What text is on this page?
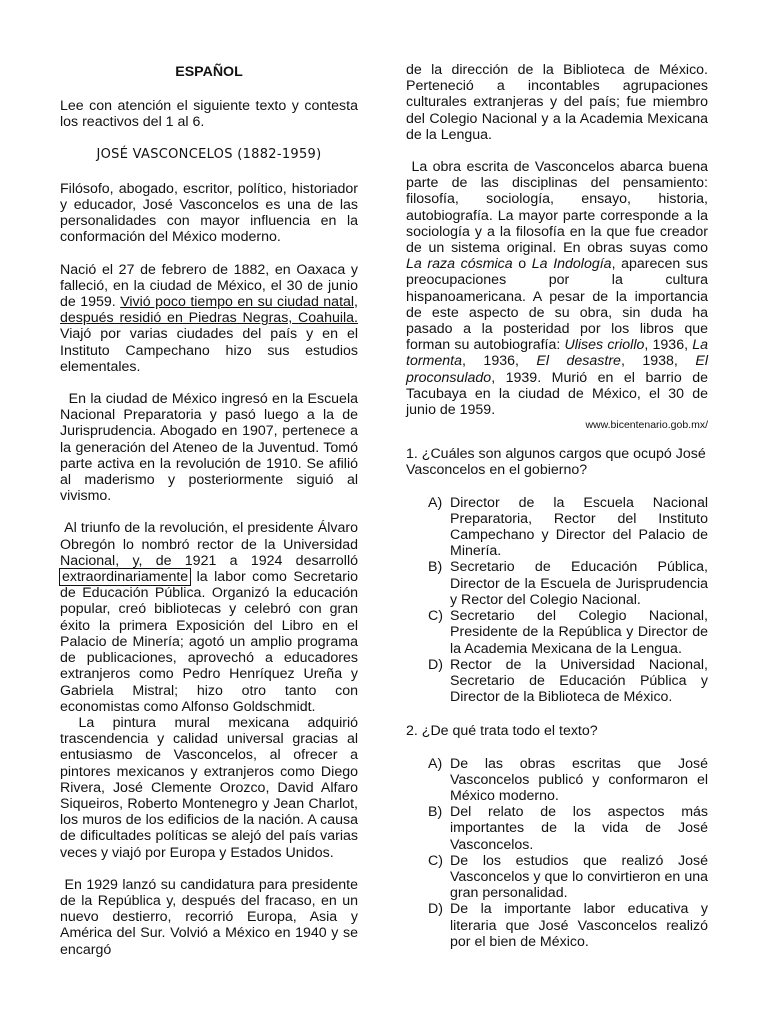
ESPAÑOL

Lee con atención el siguiente texto y contesta los reactivos del 1 al 6.

JOSÉ VASCONCELOS (1882-1959)

Filósofo, abogado, escritor, político, historiador y educador, José Vasconcelos es una de las personalidades con mayor influencia en la conformación del México moderno.

Nació el 27 de febrero de 1882, en Oaxaca y falleció, en la ciudad de México, el 30 de junio de 1959. Vivió poco tiempo en su ciudad natal, después residió en Piedras Negras, Coahuila. Viajó por varias ciudades del país y en el Instituto Campechano hizo sus estudios elementales.

En la ciudad de México ingresó en la Escuela Nacional Preparatoria y pasó luego a la de Jurisprudencia. Abogado en 1907, pertenece a la generación del Ateneo de la Juventud. Tomó parte activa en la revolución de 1910. Se afilió al maderismo y posteriormente siguió al vivismo.

Al triunfo de la revolución, el presidente Álvaro Obregón lo nombró rector de la Universidad Nacional, y, de 1921 a 1924 desarrolló extraordinariamente la labor como Secretario de Educación Pública. Organizó la educación popular, creó bibliotecas y celebró con gran éxito la primera Exposición del Libro en el Palacio de Minería; agotó un amplio programa de publicaciones, aprovechó a educadores extranjeros como Pedro Henríquez Ureña y Gabriela Mistral; hizo otro tanto con economistas como Alfonso Goldschmidt.

La pintura mural mexicana adquirió trascendencia y calidad universal gracias al entusiasmo de Vasconcelos, al ofrecer a pintores mexicanos y extranjeros como Diego Rivera, José Clemente Orozco, David Alfaro Siqueiros, Roberto Montenegro y Jean Charlot, los muros de los edificios de la nación. A causa de dificultades políticas se alejó del país varias veces y viajó por Europa y Estados Unidos.

En 1929 lanzó su candidatura para presidente de la República y, después del fracaso, en un nuevo destierro, recorrió Europa, Asia y América del Sur. Volvió a México en 1940 y se encargó

de la dirección de la Biblioteca de México. Perteneció a incontables agrupaciones culturales extranjeras y del país; fue miembro del Colegio Nacional y a la Academia Mexicana de la Lengua.

La obra escrita de Vasconcelos abarca buena parte de las disciplinas del pensamiento: filosofía, sociología, ensayo, historia, autobiografía. La mayor parte corresponde a la sociología y a la filosofía en la que fue creador de un sistema original. En obras suyas como La raza cósmica o La Indología, aparecen sus preocupaciones por la cultura hispanoamericana. A pesar de la importancia de este aspecto de su obra, sin duda ha pasado a la posteridad por los libros que forman su autobiografía: Ulises criollo, 1936, La tormenta, 1936, El desastre, 1938, El proconsulado, 1939. Murió en el barrio de Tacubaya en la ciudad de México, el 30 de junio de 1959.

www.bicentenario.gob.mx/

1. ¿Cuáles son algunos cargos que ocupó José Vasconcelos en el gobierno?

A) Director de la Escuela Nacional Preparatoria, Rector del Instituto Campechano y Director del Palacio de Minería.
B) Secretario de Educación Pública, Director de la Escuela de Jurisprudencia y Rector del Colegio Nacional.
C) Secretario del Colegio Nacional, Presidente de la República y Director de la Academia Mexicana de la Lengua.
D) Rector de la Universidad Nacional, Secretario de Educación Pública y Director de la Biblioteca de México.

2. ¿De qué trata todo el texto?

A) De las obras escritas que José Vasconcelos publicó y conformaron el México moderno.
B) Del relato de los aspectos más importantes de la vida de José Vasconcelos.
C) De los estudios que realizó José Vasconcelos y que lo convirtieron en una gran personalidad.
D) De la importante labor educativa y literaria que José Vasconcelos realizó por el bien de México.
